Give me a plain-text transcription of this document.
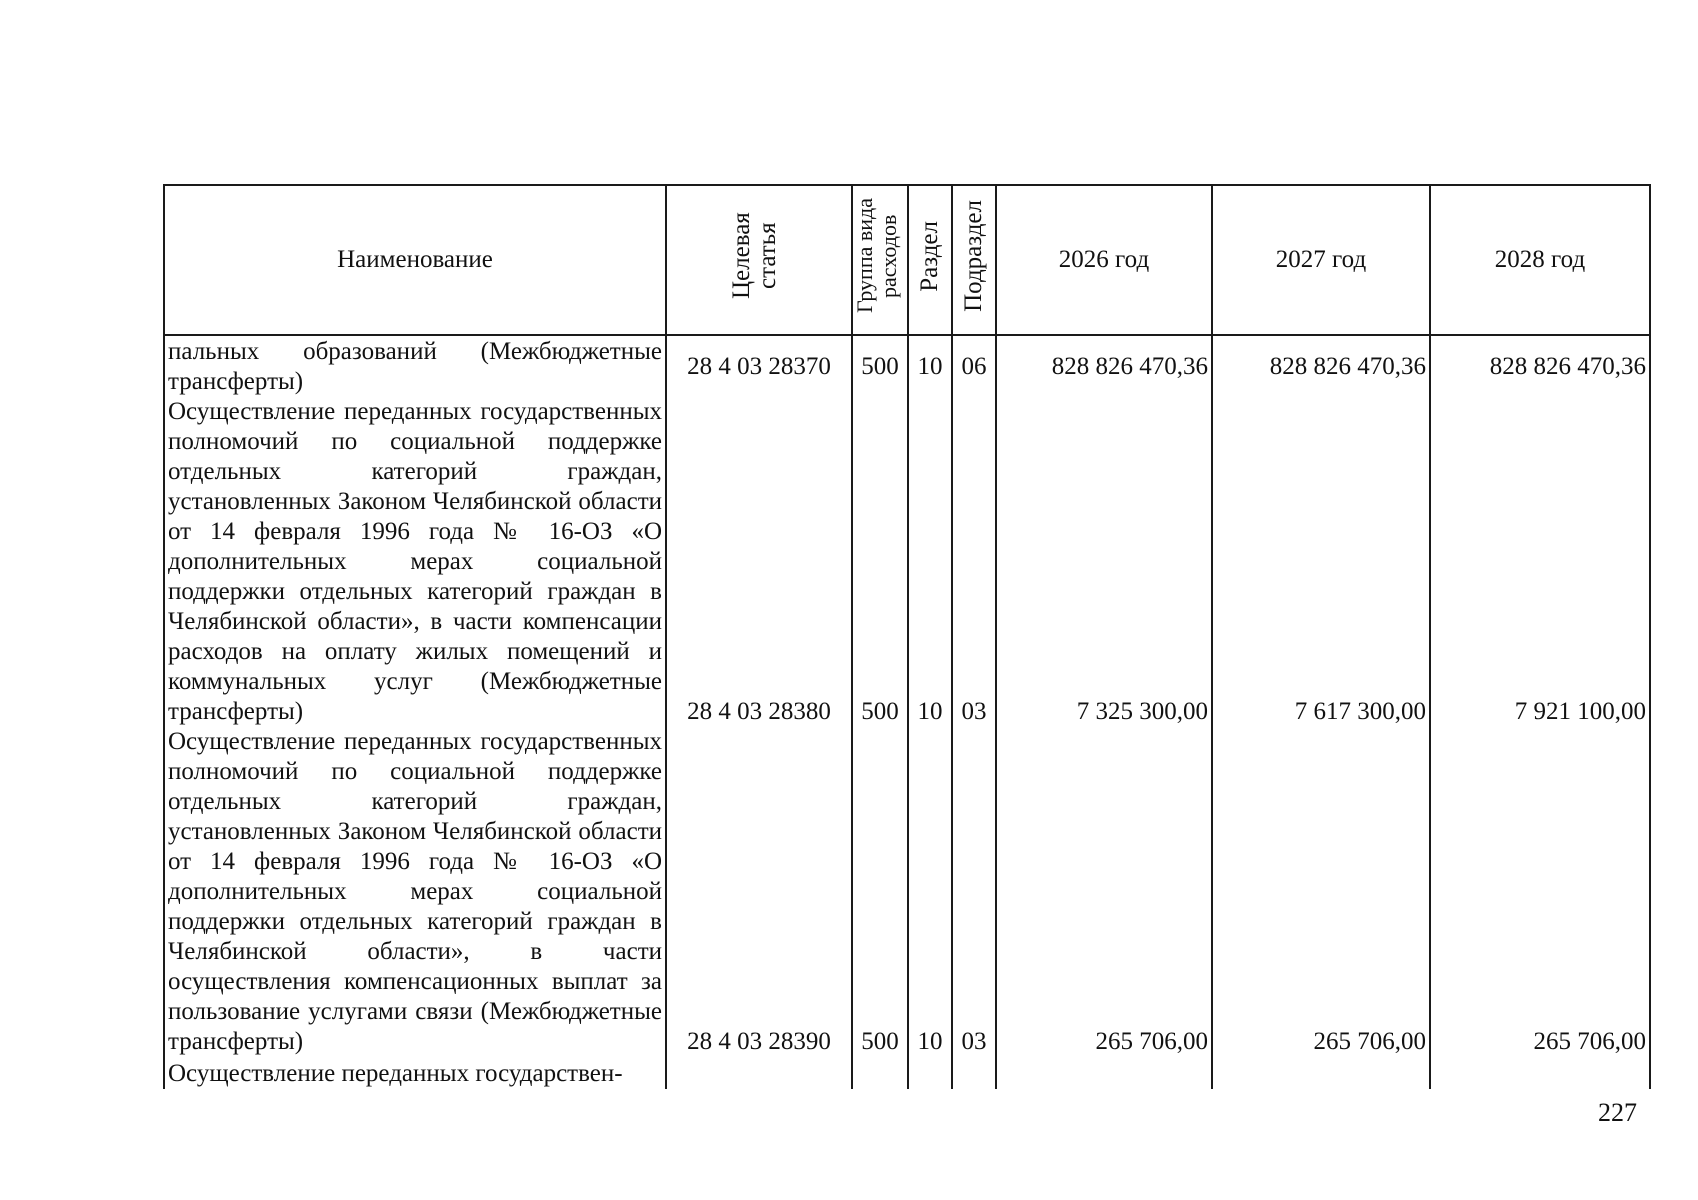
Наименование	Целевая статья	Группа вида расходов	Раздел	Подраздел	2026 год	2027 год	2028 год

пальных образований (Межбюджетные трансферты)	28 4 03 28370	500	10	06	828 826 470,36	828 826 470,36	828 826 470,36

Осуществление переданных государственных полномочий по социальной поддержке отдельных категорий граждан, установленных Законом Челябинской области от 14 февраля 1996 года № 16-ОЗ «О дополнительных мерах социальной поддержки отдельных категорий граждан в Челябинской области», в части компенсации расходов на оплату жилых помещений и коммунальных услуг (Межбюджетные трансферты)	28 4 03 28380	500	10	03	7 325 300,00	7 617 300,00	7 921 100,00

Осуществление переданных государственных полномочий по социальной поддержке отдельных категорий граждан, установленных Законом Челябинской области от 14 февраля 1996 года № 16-ОЗ «О дополнительных мерах социальной поддержки отдельных категорий граждан в Челябинской области», в части осуществления компенсационных выплат за пользование услугами связи (Межбюджетные трансферты)	28 4 03 28390	500	10	03	265 706,00	265 706,00	265 706,00

Осуществление переданных государствен-							

227
